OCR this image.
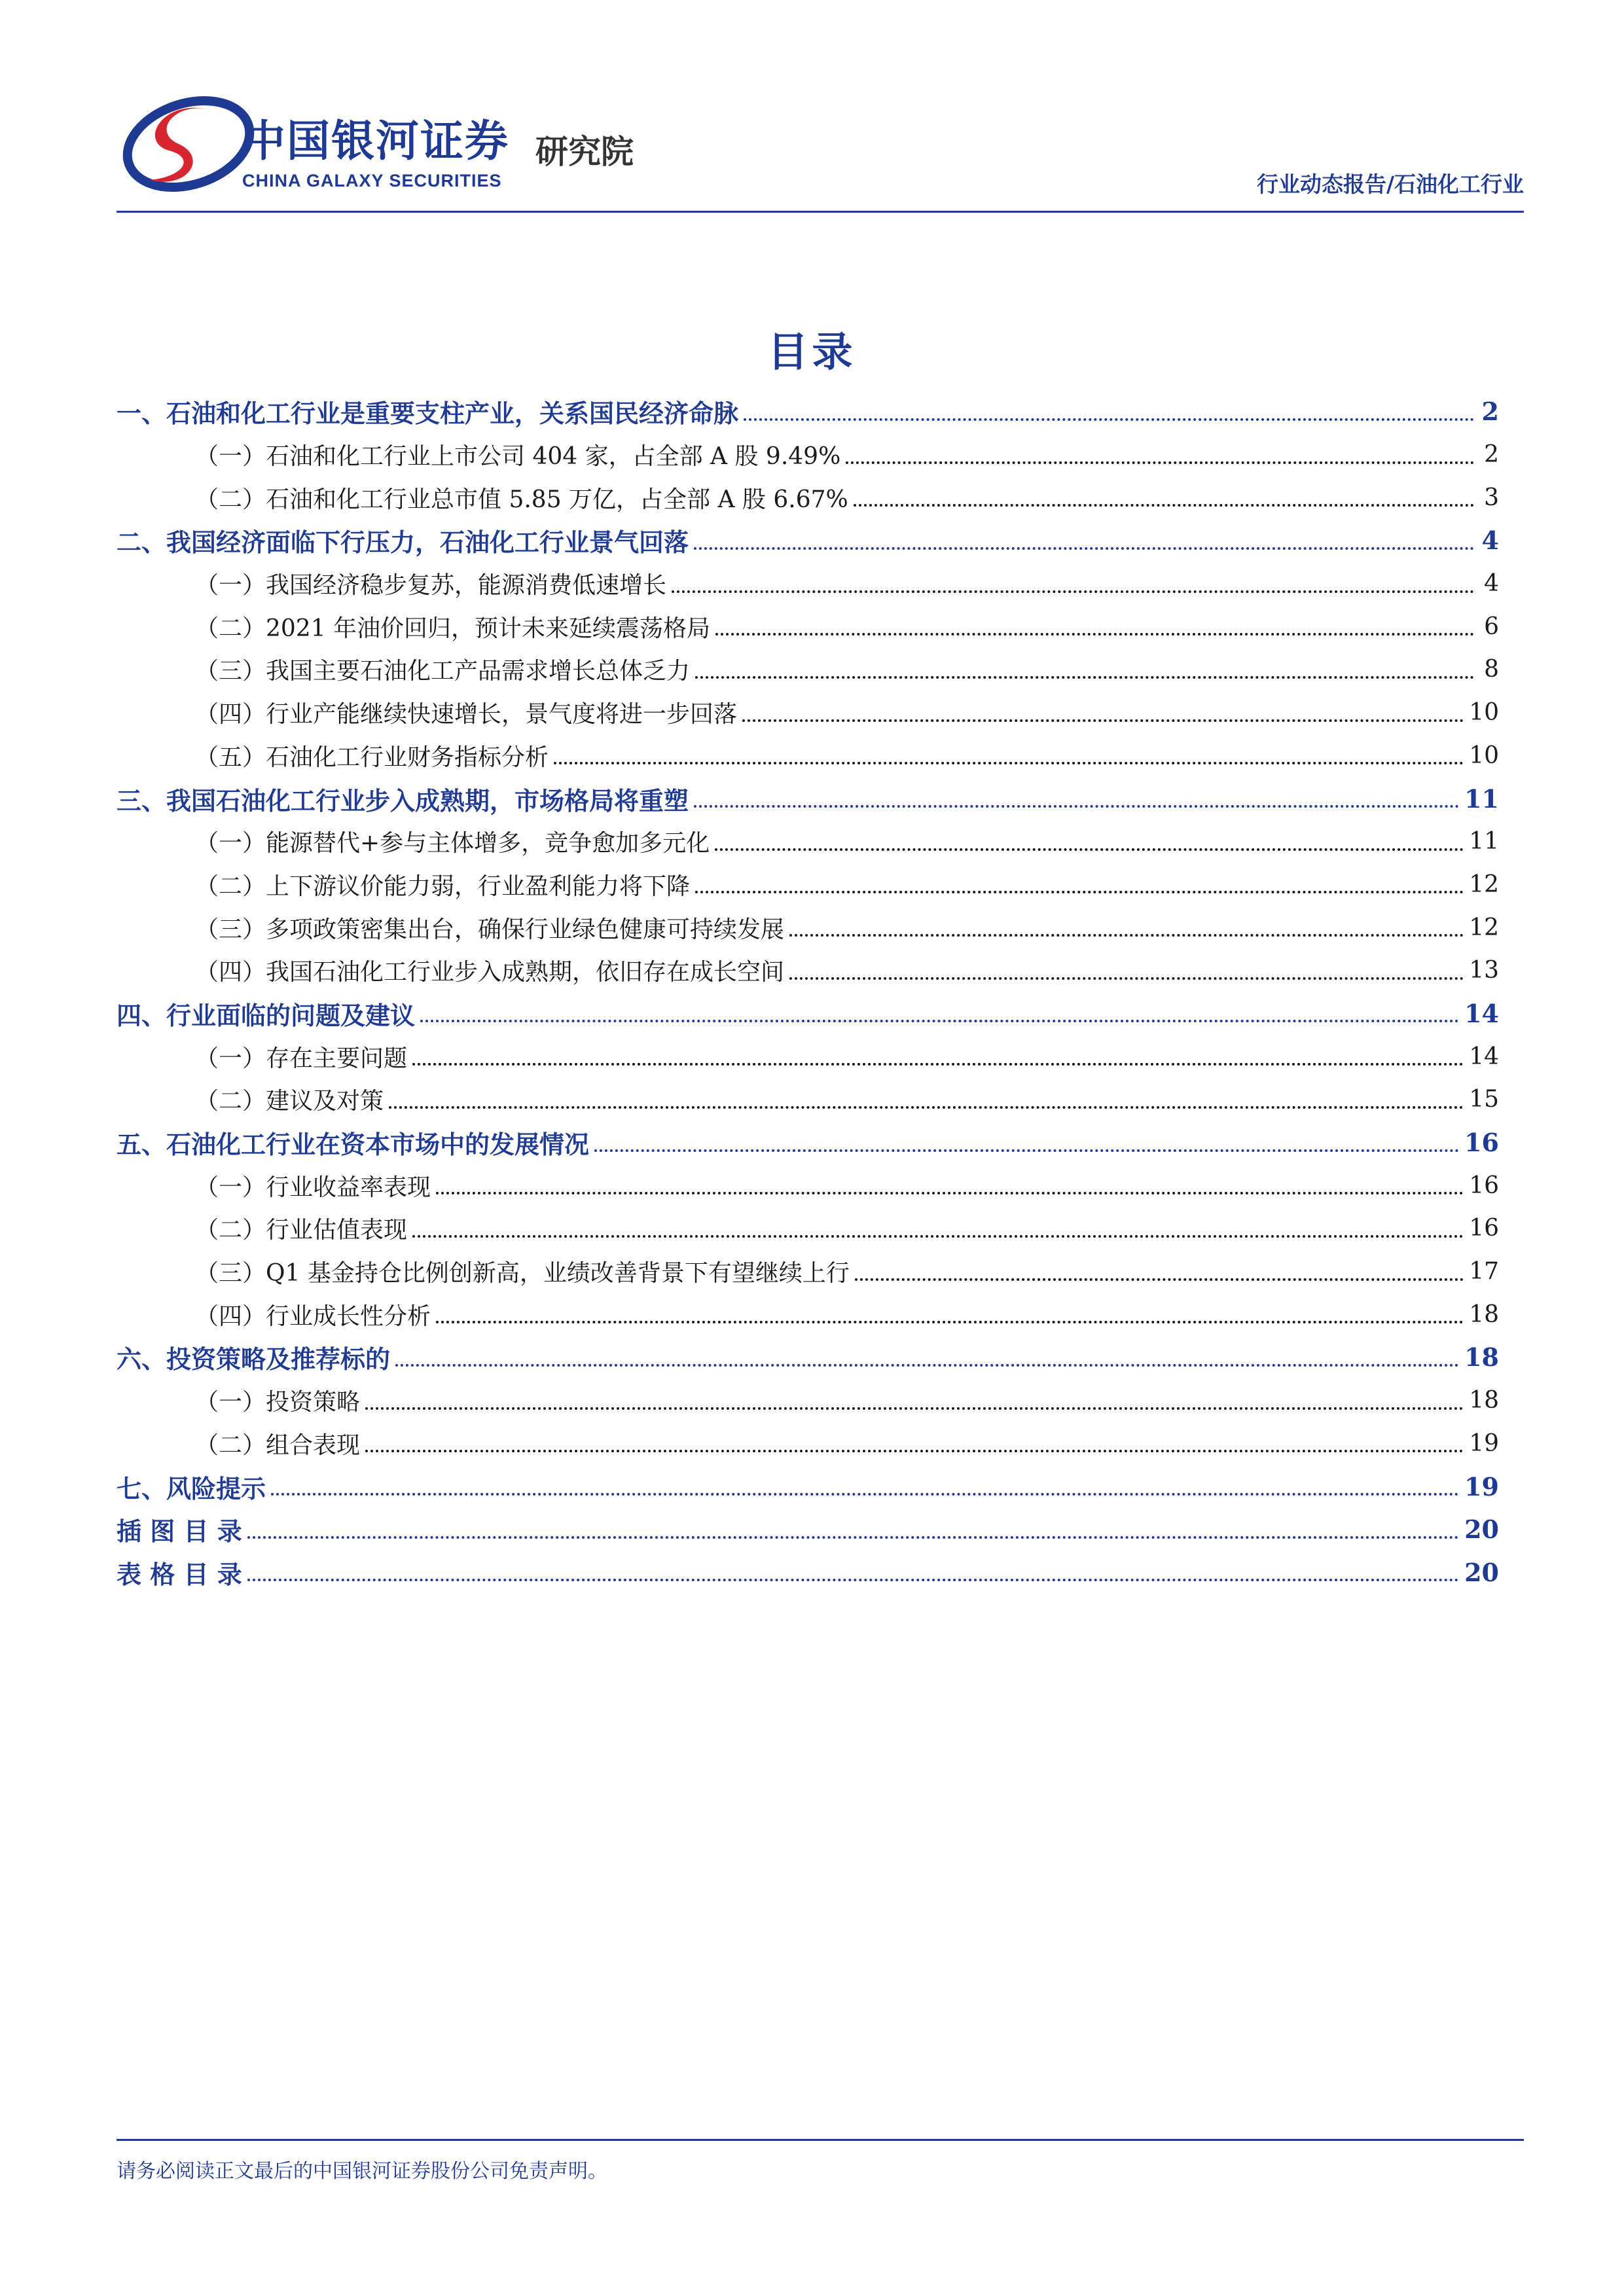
中国银河证券
CHINA GALAXY SECURITIES
研究院
行业动态报告/石油化工行业
目录
一、石油和化工行业是重要支柱产业，关系国民经济命脉	2
（一）石油和化工行业上市公司 404 家，占全部 A 股 9.49%	2
（二）石油和化工行业总市值 5.85 万亿，占全部 A 股 6.67%	3
二、我国经济面临下行压力，石油化工行业景气回落	4
（一）我国经济稳步复苏，能源消费低速增长	4
（二）2021 年油价回归，预计未来延续震荡格局	6
（三）我国主要石油化工产品需求增长总体乏力	8
（四）行业产能继续快速增长，景气度将进一步回落	10
（五）石油化工行业财务指标分析	10
三、我国石油化工行业步入成熟期，市场格局将重塑	11
（一）能源替代+参与主体增多，竞争愈加多元化	11
（二）上下游议价能力弱，行业盈利能力将下降	12
（三）多项政策密集出台，确保行业绿色健康可持续发展	12
（四）我国石油化工行业步入成熟期，依旧存在成长空间	13
四、行业面临的问题及建议	14
（一）存在主要问题	14
（二）建议及对策	15
五、石油化工行业在资本市场中的发展情况	16
（一）行业收益率表现	16
（二）行业估值表现	16
（三）Q1 基金持仓比例创新高，业绩改善背景下有望继续上行	17
（四）行业成长性分析	18
六、投资策略及推荐标的	18
（一）投资策略	18
（二）组合表现	19
七、风险提示	19
插 图 目 录	20
表 格 目 录	20
请务必阅读正文最后的中国银河证券股份公司免责声明。
